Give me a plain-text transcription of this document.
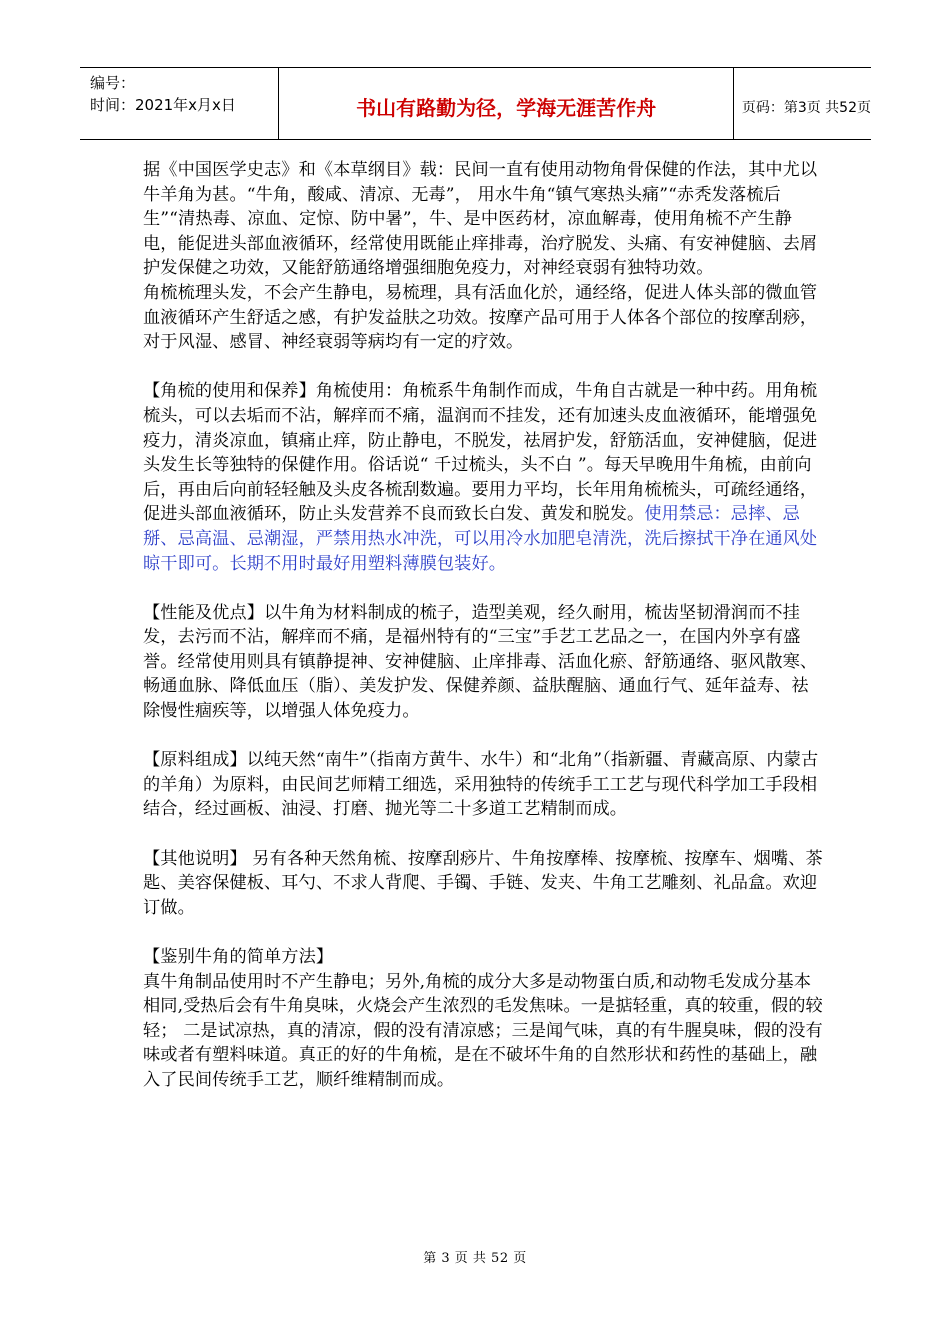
编号：
时间：2021年x月x日	书山有路勤为径，学海无涯苦作舟	页码：第3页 共52页

据《中国医学史志》和《本草纲目》载：民间一直有使用动物角骨保健的作法，其中尤以牛羊角为甚。“牛角，酸咸、清凉、无毒”， 用水牛角“镇气寒热头痛”“赤秃发落梳后生”“清热毒、凉血、定惊、防中暑”，牛、是中医药材，凉血解毒，使用角梳不产生静电，能促进头部血液循环，经常使用既能止痒排毒，治疗脱发、头痛、有安神健脑、去屑护发保健之功效，又能舒筋通络增强细胞免疫力，对神经衰弱有独特功效。

角梳梳理头发，不会产生静电，易梳理，具有活血化於，通经络，促进人体头部的微血管血液循环产生舒适之感，有护发益肤之功效。按摩产品可用于人体各个部位的按摩刮痧，对于风湿、感冒、神经衰弱等病均有一定的疗效。

【角梳的使用和保养】角梳使用：角梳系牛角制作而成，牛角自古就是一种中药。用角梳梳头，可以去垢而不沾，解痒而不痛，温润而不挂发，还有加速头皮血液循环，能增强免疫力，清炎凉血，镇痛止痒，防止静电，不脱发，祛屑护发，舒筋活血，安神健脑，促进头发生长等独特的保健作用。俗话说“ 千过梳头，头不白 ”。每天早晚用牛角梳，由前向后，再由后向前轻轻触及头皮各梳刮数遍。要用力平均，长年用角梳梳头，可疏经通络，促进头部血液循环，防止头发营养不良而致长白发、黄发和脱发。使用禁忌：忌摔、忌掰、忌高温、忌潮湿，严禁用热水冲洗，可以用冷水加肥皂清洗，洗后擦拭干净在通风处晾干即可。长期不用时最好用塑料薄膜包装好。

【性能及优点】以牛角为材料制成的梳子，造型美观，经久耐用，梳齿坚韧滑润而不挂发，去污而不沾，解痒而不痛，是福州特有的“三宝”手艺工艺品之一，在国内外享有盛誉。经常使用则具有镇静提神、安神健脑、止庠排毒、活血化瘀、舒筋通络、驱风散寒、 畅通血脉、降低血压（脂）、美发护发、保健养颜、益肤醒脑、通血行气、延年益寿、祛除慢性痼疾等，以增强人体免疫力。

【原料组成】以纯天然“南牛”（指南方黄牛、水牛）和“北角”（指新疆、青藏高原、内蒙古的羊角）为原料，由民间艺师精工细选，采用独特的传统手工工艺与现代科学加工手段相结合，经过画板、油浸、打磨、抛光等二十多道工艺精制而成。

【其他说明】 另有各种天然角梳、按摩刮痧片、牛角按摩棒、按摩梳、按摩车、烟嘴、茶匙、美容保健板、耳勺、不求人背爬、手镯、手链、发夹、牛角工艺雕刻、礼品盒。欢迎订做。

【鉴别牛角的简单方法】

真牛角制品使用时不产生静电；另外,角梳的成分大多是动物蛋白质,和动物毛发成分基本相同,受热后会有牛角臭味，火烧会产生浓烈的毛发焦味。一是掂轻重，真的较重，假的较轻； 二是试凉热，真的清凉，假的没有清凉感；三是闻气味，真的有牛腥臭味，假的没有味或者有塑料味道。真正的好的牛角梳，是在不破坏牛角的自然形状和药性的基础上，融入了民间传统手工艺，顺纤维精制而成。

第 3 页 共 52 页
